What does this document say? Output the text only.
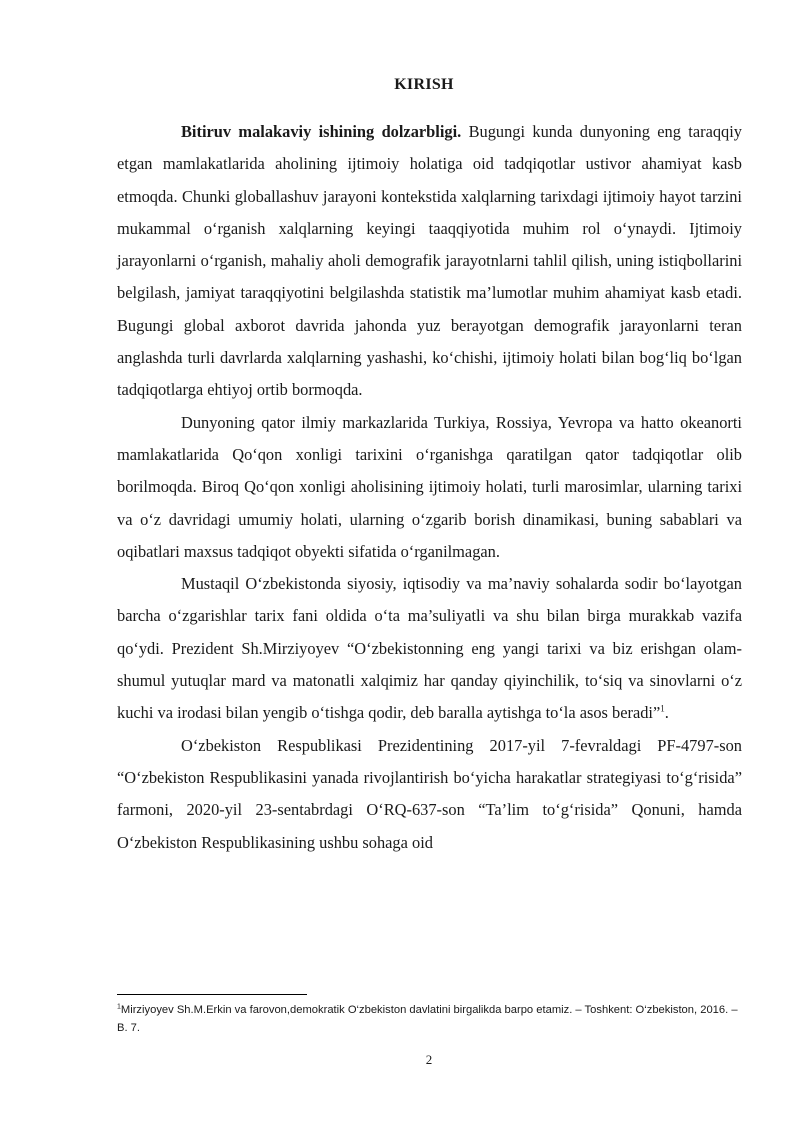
KIRISH

Bitiruv malakaviy ishining dolzarbligi. Bugungi kunda dunyoning eng taraqqiy etgan mamlakatlarida aholining ijtimoiy holatiga oid tadqiqotlar ustivor ahamiyat kasb etmoqda. Chunki globallashuv jarayoni kontekstida xalqlarning tarixdagi ijtimoiy hayot tarzini mukammal o‘rganish xalqlarning keyingi taaqqiyotida muhim rol o‘ynaydi. Ijtimoiy jarayonlarni o‘rganish, mahaliy aholi demografik jarayotnlarni tahlil qilish, uning istiqbollarini belgilash, jamiyat taraqqiyotini belgilashda statistik ma’lumotlar muhim ahamiyat kasb etadi. Bugungi global axborot davrida jahonda yuz berayotgan demografik jarayonlarni teran anglashda turli davrlarda xalqlarning yashashi, ko‘chishi, ijtimoiy holati bilan bog‘liq bo‘lgan tadqiqotlarga ehtiyoj ortib bormoqda.

Dunyoning qator ilmiy markazlarida Turkiya, Rossiya, Yevropa va hatto okeanorti mamlakatlarida Qo‘qon xonligi tarixini o‘rganishga qaratilgan qator tadqiqotlar olib borilmoqda. Biroq Qo‘qon xonligi aholisining ijtimoiy holati, turli marosimlar, ularning tarixi va o‘z davridagi umumiy holati, ularning o‘zgarib borish dinamikasi, buning sabablari va oqibatlari maxsus tadqiqot obyekti sifatida o‘rganilmagan.

Mustaqil O‘zbekistonda siyosiy, iqtisodiy va ma’naviy sohalarda sodir bo‘layotgan barcha o‘zgarishlar tarix fani oldida o‘ta ma’suliyatli va shu bilan birga murakkab vazifa qo‘ydi. Prezident Sh.Mirziyoyev “O‘zbekistonning eng yangi tarixi va biz erishgan olam-shumul yutuqlar mard va matonatli xalqimiz har qanday qiyinchilik, to‘siq va sinovlarni o‘z kuchi va irodasi bilan yengib o‘tishga qodir, deb baralla aytishga to‘la asos beradi”$^1$.

O‘zbekiston Respublikasi Prezidentining 2017-yil 7-fevraldagi PF-4797-son “O‘zbekiston Respublikasini yanada rivojlantirish bo‘yicha harakatlar strategiyasi to‘g‘risida” farmoni, 2020-yil 23-sentabrdagi O‘RQ-637-son “Ta’lim to‘g‘risida” Qonuni, hamda O‘zbekiston Respublikasining ushbu sohaga oid

$^1$Mirziyoyev Sh.M.Erkin va farovon,demokratik O‘zbekiston davlatini birgalikda barpo etamiz. – Toshkent: O‘zbekiston, 2016. – B. 7.
2
